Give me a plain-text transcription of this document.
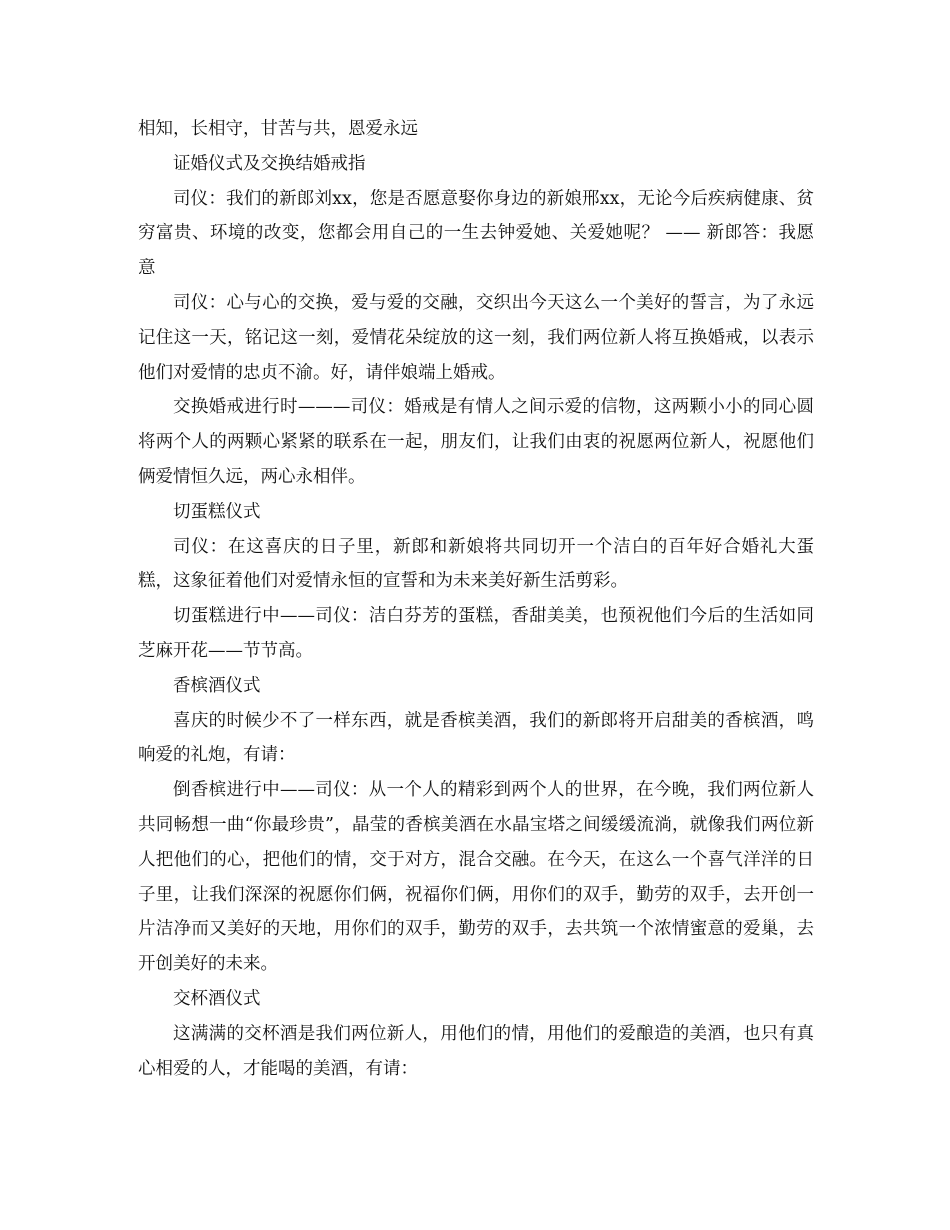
相知，长相守，甘苦与共，恩爱永远

证婚仪式及交换结婚戒指

司仪：我们的新郎刘xx，您是否愿意娶你身边的新娘邢xx，无论今后疾病健康、贫穷富贵、环境的改变，您都会用自己的一生去钟爱她、关爱她呢？ —— 新郎答：我愿意

司仪：心与心的交换，爱与爱的交融，交织出今天这么一个美好的誓言，为了永远记住这一天，铭记这一刻，爱情花朵绽放的这一刻，我们两位新人将互换婚戒，以表示他们对爱情的忠贞不渝。好，请伴娘端上婚戒。

交换婚戒进行时———司仪：婚戒是有情人之间示爱的信物，这两颗小小的同心圆将两个人的两颗心紧紧的联系在一起，朋友们，让我们由衷的祝愿两位新人，祝愿他们俩爱情恒久远，两心永相伴。

切蛋糕仪式

司仪：在这喜庆的日子里，新郎和新娘将共同切开一个洁白的百年好合婚礼大蛋糕，这象征着他们对爱情永恒的宣誓和为未来美好新生活剪彩。

切蛋糕进行中——司仪：洁白芬芳的蛋糕，香甜美美，也预祝他们今后的生活如同芝麻开花——节节高。

香槟酒仪式

喜庆的时候少不了一样东西，就是香槟美酒，我们的新郎将开启甜美的香槟酒，鸣响爱的礼炮，有请：

倒香槟进行中——司仪：从一个人的精彩到两个人的世界，在今晚，我们两位新人共同畅想一曲“你最珍贵”，晶莹的香槟美酒在水晶宝塔之间缓缓流淌，就像我们两位新人把他们的心，把他们的情，交于对方，混合交融。在今天，在这么一个喜气洋洋的日子里，让我们深深的祝愿你们俩，祝福你们俩，用你们的双手，勤劳的双手，去开创一片洁净而又美好的天地，用你们的双手，勤劳的双手，去共筑一个浓情蜜意的爱巢，去开创美好的未来。

交杯酒仪式

这满满的交杯酒是我们两位新人，用他们的情，用他们的爱酿造的美酒，也只有真心相爱的人，才能喝的美酒，有请：
